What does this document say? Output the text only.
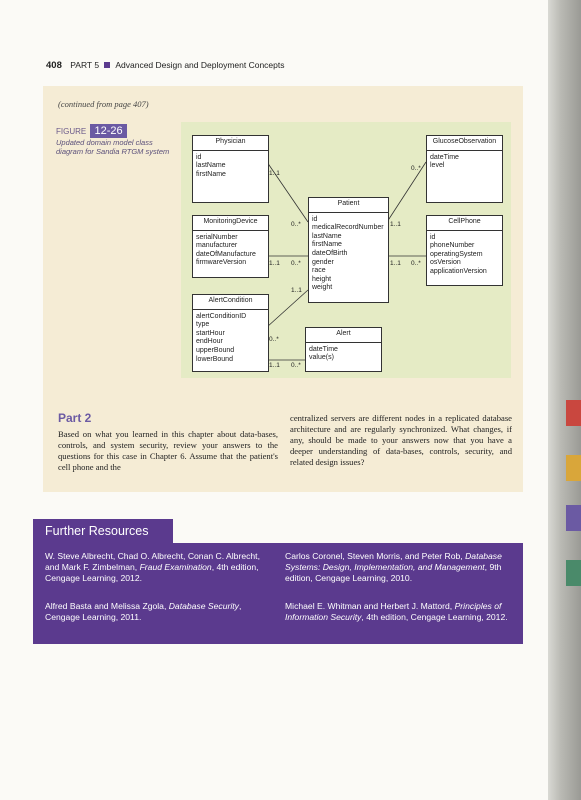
408 PART 5 Advanced Design and Deployment Concepts
(continued from page 407)
FIGURE 12-26
Updated domain model class diagram for Sandia RTGM system
Physician
id
lastName
firstName
MonitoringDevice
serialNumber
manufacturer
dateOfManufacture
firmwareVersion
AlertCondition
alertConditionID
type
startHour
endHour
upperBound
lowerBound
Patient
id
medicalRecordNumber
lastName
firstName
dateOfBirth
gender
race
height
weight
Alert
dateTime
value(s)
GlucoseObservation
dateTime
level
CellPhone
id
phoneNumber
operatingSystem
osVersion
applicationVersion
1..1
0..*
1..1 0..*
1..1
0..*
1..1 0..*
1..1
0..*
1..1 0..*
Part 2
Based on what you learned in this chapter about data-bases, controls, and system security, review your answers to the questions for this case in Chapter 6. Assume that the patient's cell phone and the
centralized servers are different nodes in a replicated database architecture and are regularly synchronized. What changes, if any, should be made to your answers now that you have a deeper understanding of data-bases, controls, security, and related design issues?
Further Resources
W. Steve Albrecht, Chad O. Albrecht, Conan C. Albrecht, and Mark F. Zimbelman, Fraud Examination, 4th edition, Cengage Learning, 2012.
Alfred Basta and Melissa Zgola, Database Security, Cengage Learning, 2011.
Carlos Coronel, Steven Morris, and Peter Rob, Database Systems: Design, Implementation, and Management, 9th edition, Cengage Learning, 2010.
Michael E. Whitman and Herbert J. Mattord, Principles of Information Security, 4th edition, Cengage Learning, 2012.
